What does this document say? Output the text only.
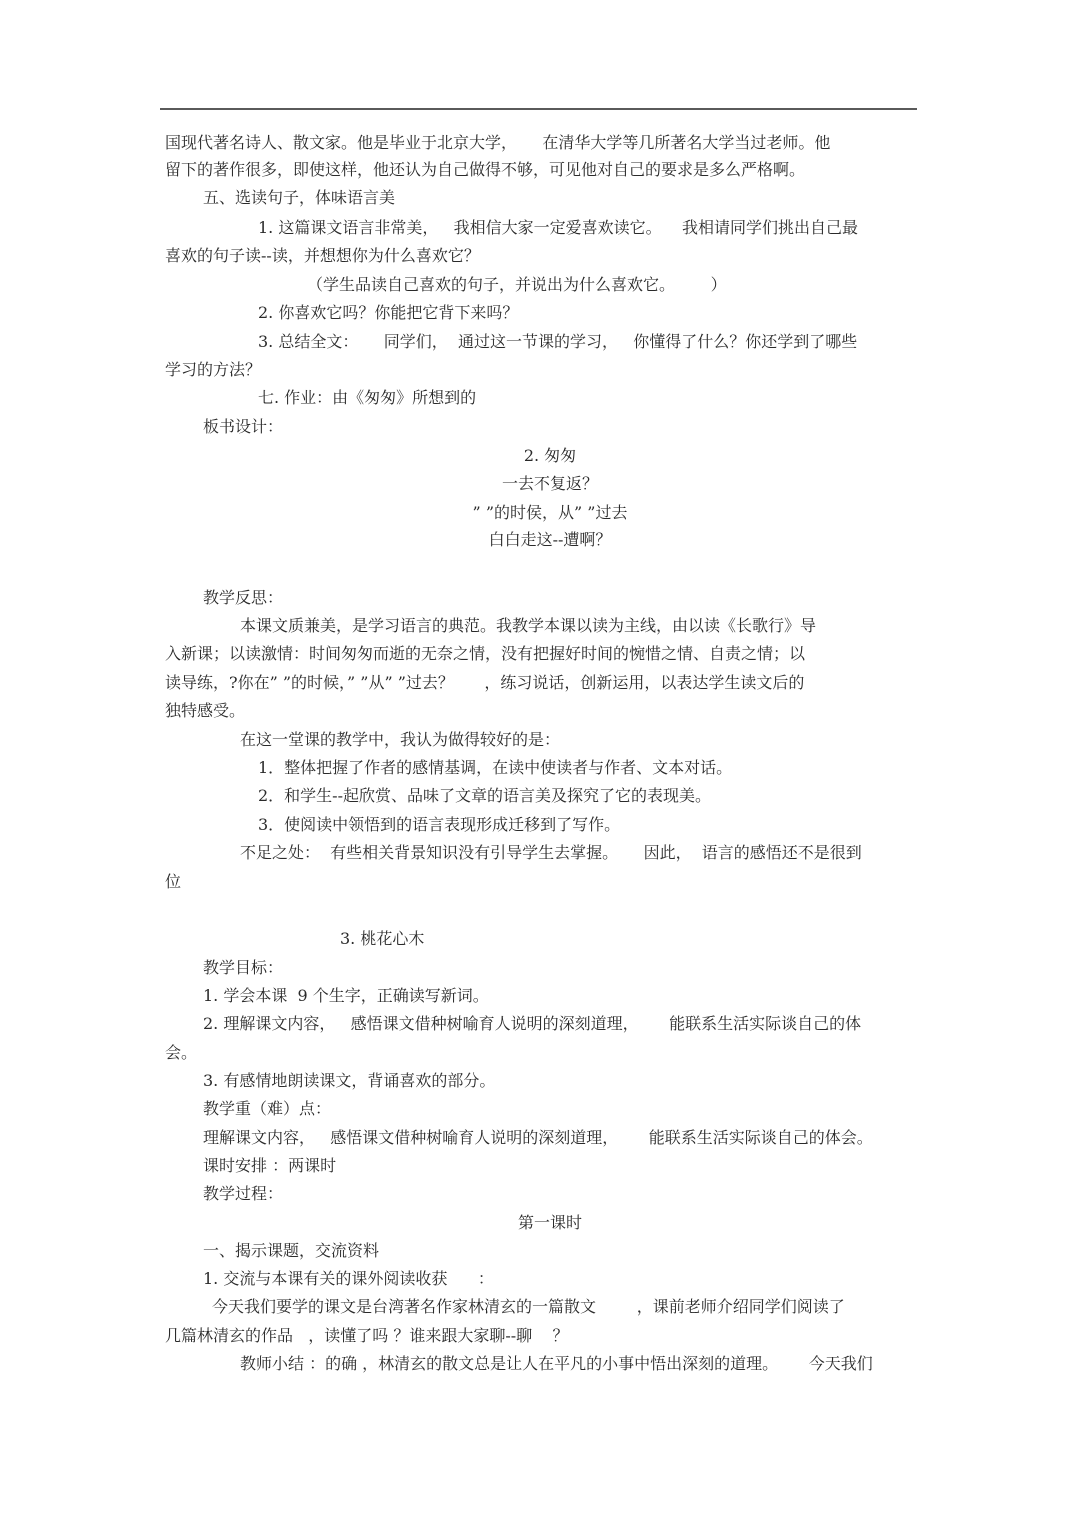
国现代著名诗人、散文家。他是毕业于北京大学，     在清华大学等几所著名大学当过老师。他
留下的著作很多，即使这样，他还认为自己做得不够，可见他对自己的要求是多么严格啊。
五、选读句子，体味语言美
1. 这篇课文语言非常美，   我相信大家一定爱喜欢读它。    我相请同学们挑出自己最
喜欢的句子读--读，并想想你为什么喜欢它？
（学生品读自己喜欢的句子，并说出为什么喜欢它。       ）
2. 你喜欢它吗？你能把它背下来吗？
3. 总结全文：     同学们，  通过这一节课的学习，   你懂得了什么？你还学到了哪些
学习的方法？
七. 作业：由《匆匆》所想到的
板书设计：
2. 匆匆
一去不复返？
” ”的时侯，从” ”过去
白白走这--遭啊？
教学反思：
本课文质兼美，是学习语言的典范。我教学本课以读为主线，由以读《长歌行》导
入新课；以读激情：时间匆匆而逝的无奈之情，没有把握好时间的惋惜之情、自责之情；以
读导练，?你在” ”的时候，” ”从” ”过去？      ，练习说话，创新运用，以表达学生读文后的
独特感受。
在这一堂课的教学中，我认为做得较好的是：
1．整体把握了作者的感情基调，在读中使读者与作者、文本对话。
2．和学生--起欣赏、品味了文章的语言美及探究了它的表现美。
3．使阅读中领悟到的语言表现形成迁移到了写作。
不足之处：  有些相关背景知识没有引导学生去掌握。     因此，  语言的感悟还不是很到
位
3. 桃花心木
教学目标：
1. 学会本课  9 个生字，正确读写新词。
2. 理解课文内容，   感悟课文借种树喻育人说明的深刻道理，      能联系生活实际谈自己的体
会。
3. 有感情地朗读课文，背诵喜欢的部分。
教学重（难）点：
理解课文内容，   感悟课文借种树喻育人说明的深刻道理，      能联系生活实际谈自己的体会。
课时安排 ：两课时
教学过程：
第一课时
一、揭示课题，交流资料
1. 交流与本课有关的课外阅读收获      ：
今天我们要学的课文是台湾著名作家林清玄的一篇散文        ，课前老师介绍同学们阅读了
几篇林清玄的作品   ，读懂了吗 ？谁来跟大家聊--聊    ？
教师小结 ：的确 ，林清玄的散文总是让人在平凡的小事中悟出深刻的道理。      今天我们
